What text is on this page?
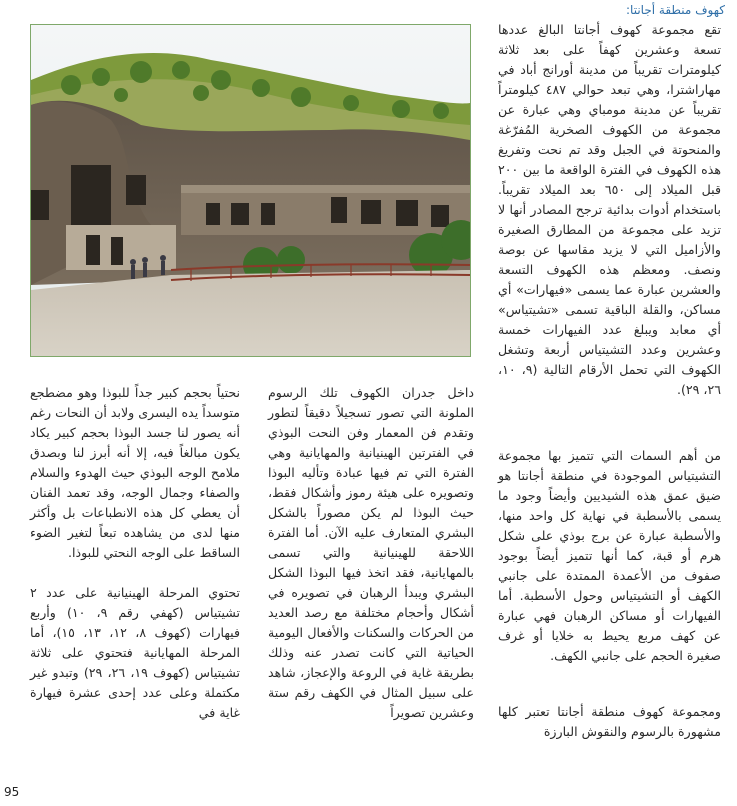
كهوف منطقة أجانتا:

تقع مجموعة كهوف أجانتا البالغ عددها تسعة وعشرين كهفاً على بعد ثلاثة كيلومترات تقريباً من مدينة أورانج أباد في مهاراشترا، وهي تبعد حوالي ٤٨٧ كيلومتراً تقريباً عن مدينة مومباي وهي عبارة عن مجموعة من الكهوف الصخرية المُفرّغة والمنحوتة في الجبل وقد تم نحت وتفريغ هذه الكهوف في الفترة الواقعة ما بين ٢٠٠ قبل الميلاد إلى ٦٥٠ بعد الميلاد تقريباً. باستخدام أدوات بدائية ترجح المصادر أنها لا تزيد على مجموعة من المطارق الصغيرة والأزاميل التي لا يزيد مقاسها عن بوصة ونصف. ومعظم هذه الكهوف التسعة والعشرين عبارة عما يسمى «فيهارات» أي مساكن، والقلة الباقية تسمى «تشيتياس» أي معابد ويبلغ عدد الفيهارات خمسة وعشرين وعدد التشيتياس أربعة وتشغل الكهوف التي تحمل الأرقام التالية (٩، ١٠، ٢٦، ٢٩).

من أهم السمات التي تتميز بها مجموعة التشيتياس الموجودة في منطقة أجانتا هو ضيق عمق هذه الشيديين وأيضاً وجود ما يسمى بالأسطبة في نهاية كل واحد منها، والأسطبة عبارة عن برج بوذي على شكل هرم أو قبة، كما أنها تتميز أيضاً بوجود صفوف من الأعمدة الممتدة على جانبي الكهف أو التشيتياس وحول الأسطبة. أما الفيهارات أو مساكن الرهبان فهي عبارة عن كهف مربع يحيط به خلايا أو غرف صغيرة الحجم على جانبي الكهف.

ومجموعة كهوف منطقة أجانتا تعتبر كلها مشهورة بالرسوم والنقوش البارزة

داخل جدران الكهوف تلك الرسوم الملونة التي تصور تسجيلاً دقيقاً لتطور وتقدم فن المعمار وفن النحت البوذي في الفترتين الهينيانية والمهايانية وهي الفترة التي تم فيها عبادة وتأليه البوذا وتصويره على هيئة رموز وأشكال فقط، حيث البوذا لم يكن مصوراً بالشكل البشري المتعارف عليه الآن. أما الفترة اللاحقة للهينيانية والتي تسمى بالمهايانية، فقد اتخذ فيها البوذا الشكل البشري ويبدأ الرهبان في تصويره في أشكال وأحجام مختلفة مع رصد العديد من الحركات والسكنات والأفعال اليومية الحياتية التي كانت تصدر عنه وذلك بطريقة غاية في الروعة والإعجاز، شاهد على سبيل المثال في الكهف رقم ستة وعشرين تصويراً

نحتياً بحجم كبير جداً للبوذا وهو مضطجع متوسداً يده اليسرى ولابد أن النحات رغم أنه يصور لنا جسد البوذا بحجم كبير يكاد يكون مبالغاً فيه، إلا أنه أبرز لنا وبصدق ملامح الوجه البوذي حيث الهدوء والسلام والصفاء وجمال الوجه، وقد تعمد الفنان أن يعطي كل هذه الانطباعات بل وأكثر منها لدى من يشاهده تبعاً لتغير الضوء الساقط على الوجه النحتي للبوذا.

تحتوي المرحلة الهينيانية على عدد ٢ تشيتياس (كهفي رقم ٩، ١٠) وأربع فيهارات (كهوف ٨، ١٢، ١٣، ١٥)، أما المرحلة المهايانية فتحتوي على ثلاثة تشيتياس (كهوف ١٩، ٢٦، ٢٩) وتبدو غير مكتملة وعلى عدد إحدى عشرة فيهارة غاية في

95
